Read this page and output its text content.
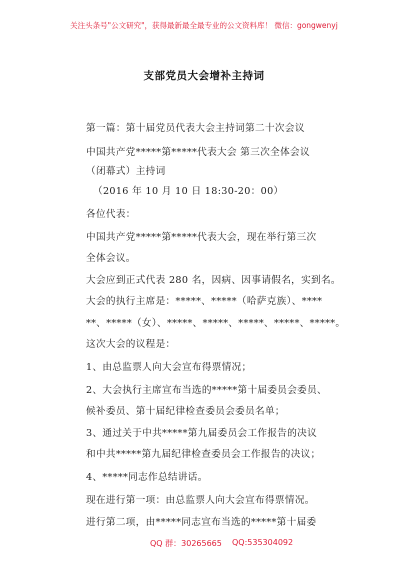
关注头条号"公文研究"，获得最新最全最专业的公文资料库！ 微信：gongwenyj
支部党员大会增补主持词
第一篇：第十届党员代表大会主持词第二十次会议
中国共产党*****第*****代表大会 第三次全体会议
（闭幕式）主持词
（2016 年 10 月 10 日 18:30-20：00）
各位代表：
中国共产党*****第*****代表大会，现在举行第三次
全体会议。
大会应到正式代表 280 名，因病、因事请假名，实到名。
大会的执行主席是：*****、*****（哈萨克族）、****
**、*****（女）、*****、*****、*****、*****、*****。
这次大会的议程是：
1、由总监票人向大会宣布得票情况；
2、大会执行主席宣布当选的*****第十届委员会委员、
候补委员、第十届纪律检查委员会委员名单；
3、通过关于中共*****第九届委员会工作报告的决议
和中共*****第九届纪律检查委员会工作报告的决议；
4、*****同志作总结讲话。
现在进行第一项：由总监票人向大会宣布得票情况。
进行第二项，由*****同志宣布当选的*****第十届委
QQ 群：30265665 QQ:535304092
